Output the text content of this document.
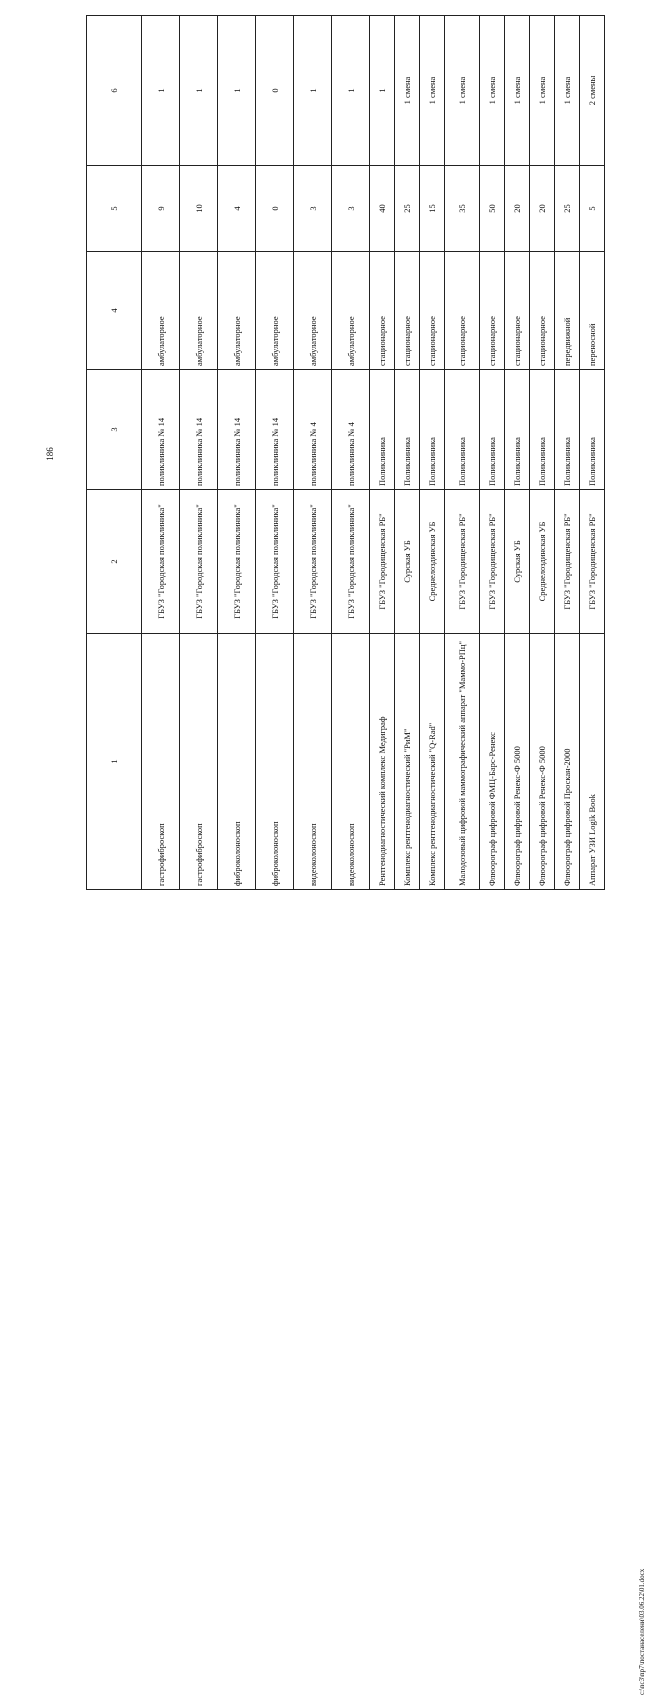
186
c:\nс3\np7\постанаселени\03.06.22\01.docx
1	2	3	4	5	6
гастрофиброскоп	ГБУЗ "Городская поликлиника"	поликлиника № 14	амбулаторное	9	1
гастрофиброскоп	ГБУЗ "Городская поликлиника"	поликлиника № 14	амбулаторное	10	1
фиброколоноскоп	ГБУЗ "Городская поликлиника"	поликлиника № 14	амбулаторное	4	1
фиброколоноскоп	ГБУЗ "Городская поликлиника"	поликлиника № 14	амбулаторное	0	0
видеоколоноскоп	ГБУЗ "Городская поликлиника"	поликлиника № 4	амбулаторное	3	1
видеоколоноскоп	ГБУЗ "Городская поликлиника"	поликлиника № 4	амбулаторное	3	1
Рентгенодиагностический комплекс Медиграф	ГБУЗ "Городищенская РБ"	Поликлиника	стационарное	40	1
Комплекс рентгенодиагностический "РиМ"	Сурская УБ	Поликлиника	стационарное	25	1 смена
Комплекс рентгенодиагностический "Q-Rad"	Среднелоздинская УБ	Поликлиника	стационарное	15	1 смена
Малодозовый цифровой маммографический аппарат "Маммо-РПц"	ГБУЗ "Городищенская РБ"	Поликлиника	стационарное	35	1 смена
Флюорограф цифровой ФМЦ-Барс-Ренекс	ГБУЗ "Городищенская РБ"	Поликлиника	стационарное	50	1 смена
Флюорограф цифровой Ренекс-Ф 5000	Сурская УБ	Поликлиника	стационарное	20	1 смена
Флюорограф цифровой Ренекс-Ф 5000	Среднелоздинская УБ	Поликлиника	стационарное	20	1 смена
Флюорограф цифровой Проскан-2000	ГБУЗ "Городищенская РБ"	Поликлиника	передвижной	25	1 смена
Аппарат УЗИ Logik Book	ГБУЗ "Городищенская РБ"	Поликлиника	переносной	5	2 смены
